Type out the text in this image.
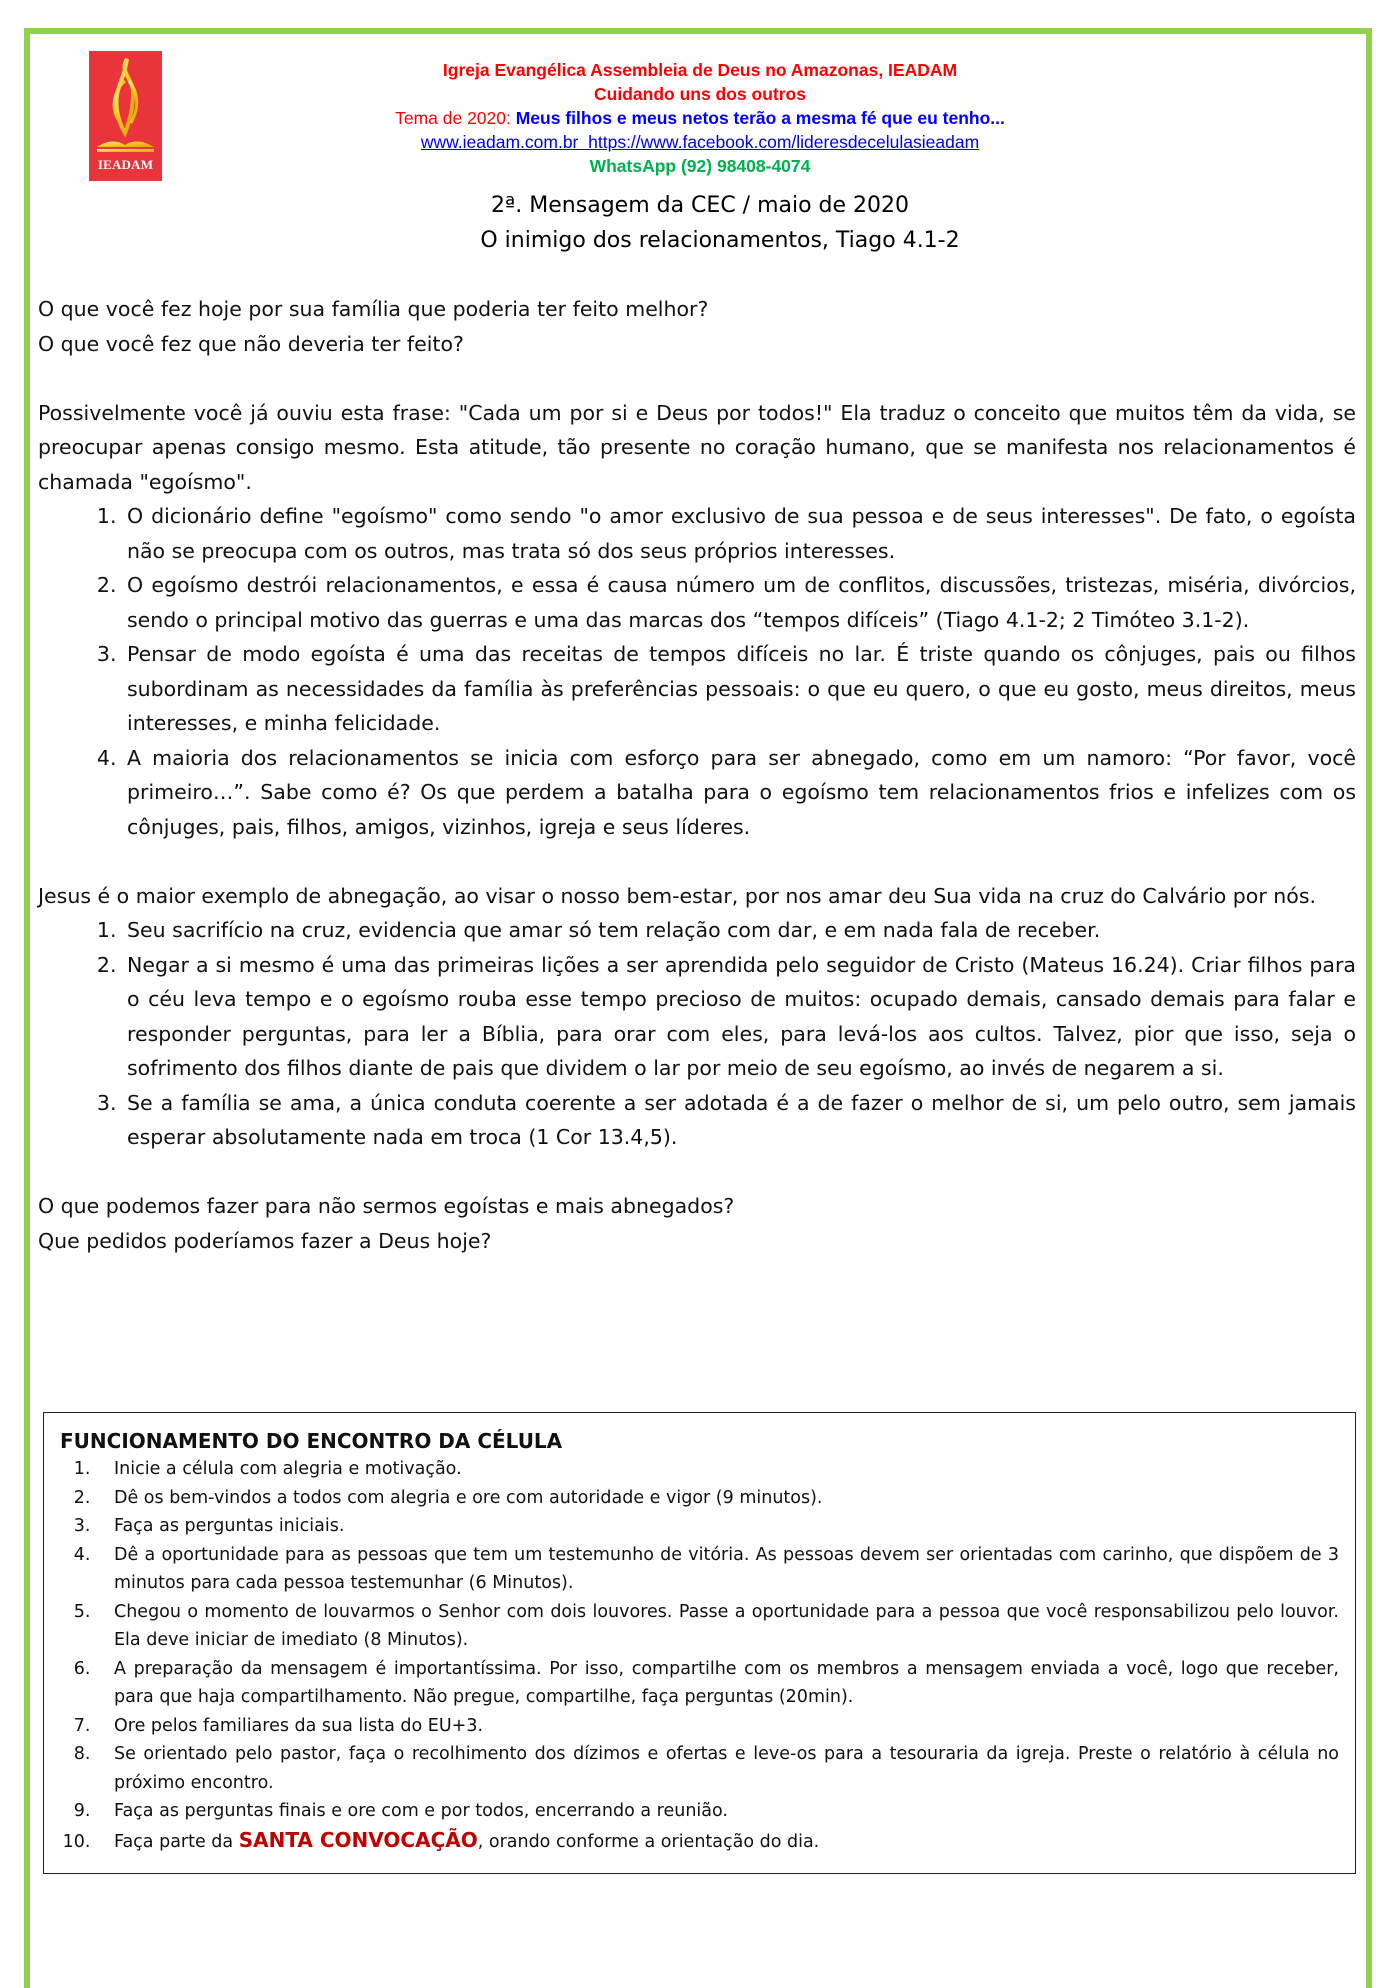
IEADAM
Igreja Evangélica Assembleia de Deus no Amazonas, IEADAM
Cuidando uns dos outros
Tema de 2020: Meus filhos e meus netos terão a mesma fé que eu tenho...
www.ieadam.com.br https://www.facebook.com/lideresdecelulasieadam
WhatsApp (92) 98408-4074
2ª. Mensagem da CEC / maio de 2020
O inimigo dos relacionamentos, Tiago 4.1-2

O que você fez hoje por sua família que poderia ter feito melhor?

O que você fez que não deveria ter feito?

Possivelmente você já ouviu esta frase: "Cada um por si e Deus por todos!" Ela traduz o conceito que muitos têm da vida, se preocupar apenas consigo mesmo. Esta atitude, tão presente no coração humano, que se manifesta nos relacionamentos é chamada "egoísmo".

1. O dicionário define "egoísmo" como sendo "o amor exclusivo de sua pessoa e de seus interesses". De fato, o egoísta não se preocupa com os outros, mas trata só dos seus próprios interesses.
2. O egoísmo destrói relacionamentos, e essa é causa número um de conflitos, discussões, tristezas, miséria, divórcios, sendo o principal motivo das guerras e uma das marcas dos “tempos difíceis” (Tiago 4.1-2; 2 Timóteo 3.1-2).
3. Pensar de modo egoísta é uma das receitas de tempos difíceis no lar. É triste quando os cônjuges, pais ou filhos subordinam as necessidades da família às preferências pessoais: o que eu quero, o que eu gosto, meus direitos, meus interesses, e minha felicidade.
4. A maioria dos relacionamentos se inicia com esforço para ser abnegado, como em um namoro: “Por favor, você primeiro…”. Sabe como é? Os que perdem a batalha para o egoísmo tem relacionamentos frios e infelizes com os cônjuges, pais, filhos, amigos, vizinhos, igreja e seus líderes.

Jesus é o maior exemplo de abnegação, ao visar o nosso bem-estar, por nos amar deu Sua vida na cruz do Calvário por nós.

1. Seu sacrifício na cruz, evidencia que amar só tem relação com dar, e em nada fala de receber.
2. Negar a si mesmo é uma das primeiras lições a ser aprendida pelo seguidor de Cristo (Mateus 16.24). Criar filhos para o céu leva tempo e o egoísmo rouba esse tempo precioso de muitos: ocupado demais, cansado demais para falar e responder perguntas, para ler a Bíblia, para orar com eles, para levá-los aos cultos. Talvez, pior que isso, seja o sofrimento dos filhos diante de pais que dividem o lar por meio de seu egoísmo, ao invés de negarem a si.
3. Se a família se ama, a única conduta coerente a ser adotada é a de fazer o melhor de si, um pelo outro, sem jamais esperar absolutamente nada em troca (1 Cor 13.4,5).

O que podemos fazer para não sermos egoístas e mais abnegados?

Que pedidos poderíamos fazer a Deus hoje?

FUNCIONAMENTO DO ENCONTRO DA CÉLULA
1. Inicie a célula com alegria e motivação.
2. Dê os bem-vindos a todos com alegria e ore com autoridade e vigor (9 minutos).
3. Faça as perguntas iniciais.
4. Dê a oportunidade para as pessoas que tem um testemunho de vitória. As pessoas devem ser orientadas com carinho, que dispõem de 3 minutos para cada pessoa testemunhar (6 Minutos).
5. Chegou o momento de louvarmos o Senhor com dois louvores. Passe a oportunidade para a pessoa que você responsabilizou pelo louvor. Ela deve iniciar de imediato (8 Minutos).
6. A preparação da mensagem é importantíssima. Por isso, compartilhe com os membros a mensagem enviada a você, logo que receber, para que haja compartilhamento. Não pregue, compartilhe, faça perguntas (20min).
7. Ore pelos familiares da sua lista do EU+3.
8. Se orientado pelo pastor, faça o recolhimento dos dízimos e ofertas e leve-os para a tesouraria da igreja. Preste o relatório à célula no próximo encontro.
9. Faça as perguntas finais e ore com e por todos, encerrando a reunião.
10. Faça parte da SANTA CONVOCAÇÃO, orando conforme a orientação do dia.
